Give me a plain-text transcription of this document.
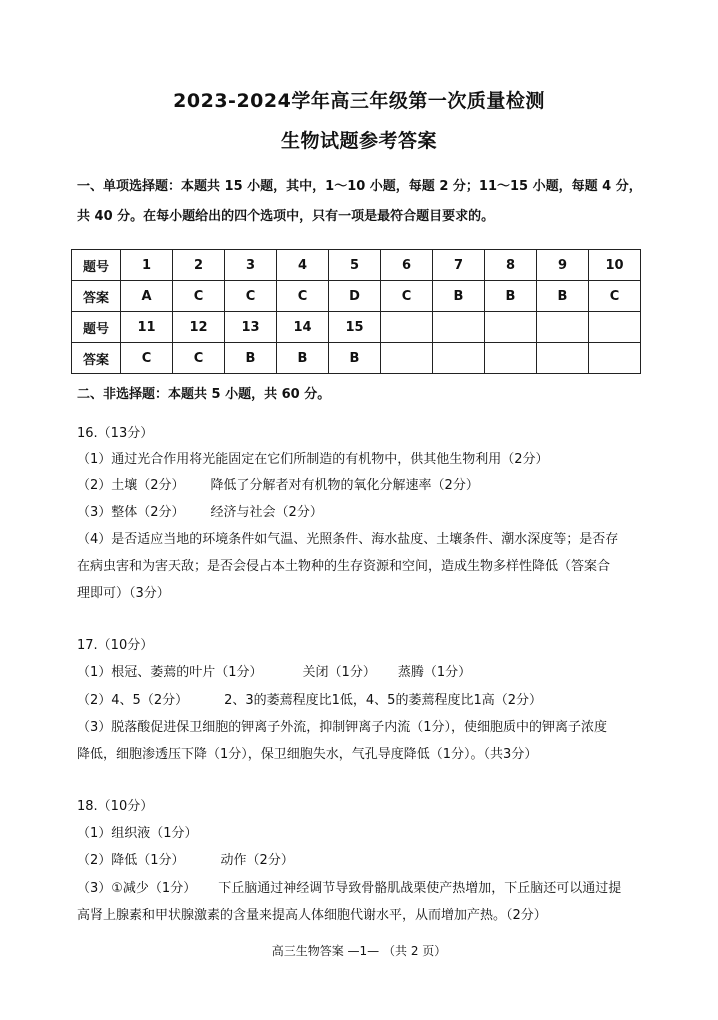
2023-2024学年高三年级第一次质量检测
生物试题参考答案
一、单项选择题：本题共 15 小题，其中，1～10 小题，每题 2 分；11～15 小题，每题 4 分，
共 40 分。在每小题给出的四个选项中，只有一项是最符合题目要求的。
题号	1	2	3	4	5	6	7	8	9	10
答案	A	C	C	C	D	C	B	B	B	C
题号	11	12	13	14	15					
答案	C	C	B	B	B					
二、非选择题：本题共 5 小题，共 60 分。
16.（13分）
（1）通过光合作用将光能固定在它们所制造的有机物中，供其他生物利用（2分）
（2）土壤（2分） 降低了分解者对有机物的氧化分解速率（2分）
（3）整体（2分） 经济与社会（2分）
（4）是否适应当地的环境条件如气温、光照条件、海水盐度、土壤条件、潮水深度等；是否存
在病虫害和为害天敌；是否会侵占本土物种的生存资源和空间，造成生物多样性降低（答案合
理即可）（3分）
17.（10分）
（1）根冠、萎蔫的叶片（1分）	关闭（1分） 蒸腾（1分）
（2）4、5（2分）	2、3的萎蔫程度比1低，4、5的萎蔫程度比1高（2分）
（3）脱落酸促进保卫细胞的钾离子外流，抑制钾离子内流（1分），使细胞质中的钾离子浓度
降低，细胞渗透压下降（1分），保卫细胞失水，气孔导度降低（1分）。（共3分）
18.（10分）
（1）组织液（1分）
（2）降低（1分）	动作（2分）
（3）①减少（1分） 下丘脑通过神经调节导致骨骼肌战栗使产热增加，下丘脑还可以通过提
高肾上腺素和甲状腺激素的含量来提高人体细胞代谢水平，从而增加产热。（2分）
高三生物答案 —1— （共 2 页）
